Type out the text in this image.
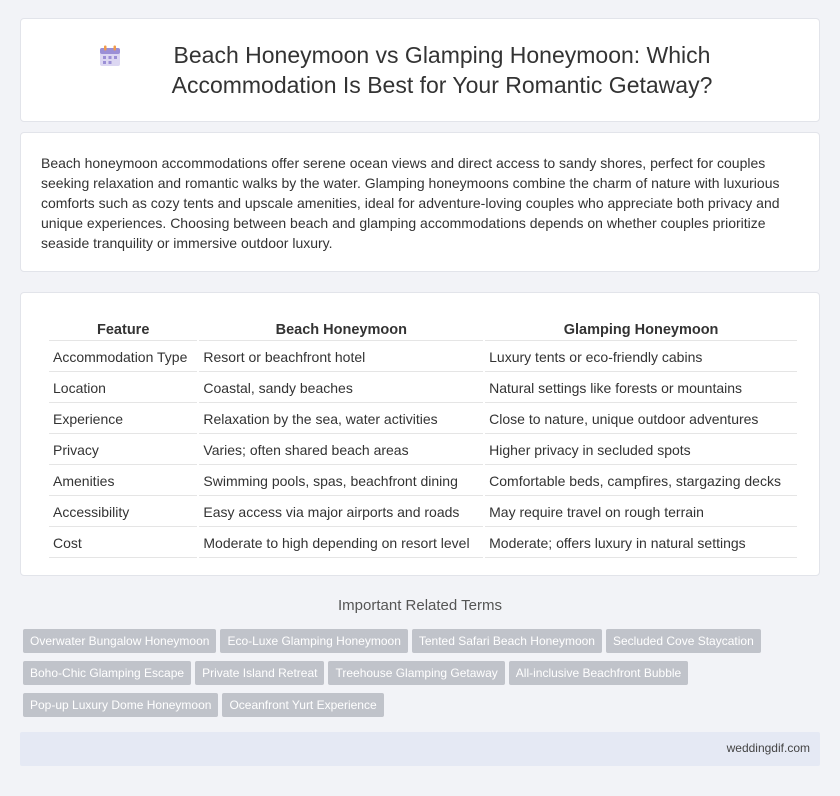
Beach Honeymoon vs Glamping Honeymoon: Which Accommodation Is Best for Your Romantic Getaway?

Beach honeymoon accommodations offer serene ocean views and direct access to sandy shores, perfect for couples seeking relaxation and romantic walks by the water. Glamping honeymoons combine the charm of nature with luxurious comforts such as cozy tents and upscale amenities, ideal for adventure-loving couples who appreciate both privacy and unique experiences. Choosing between beach and glamping accommodations depends on whether couples prioritize seaside tranquility or immersive outdoor luxury.

Feature	Beach Honeymoon	Glamping Honeymoon
Accommodation Type	Resort or beachfront hotel	Luxury tents or eco-friendly cabins
Location	Coastal, sandy beaches	Natural settings like forests or mountains
Experience	Relaxation by the sea, water activities	Close to nature, unique outdoor adventures
Privacy	Varies; often shared beach areas	Higher privacy in secluded spots
Amenities	Swimming pools, spas, beachfront dining	Comfortable beds, campfires, stargazing decks
Accessibility	Easy access via major airports and roads	May require travel on rough terrain
Cost	Moderate to high depending on resort level	Moderate; offers luxury in natural settings
Important Related Terms
Overwater Bungalow Honeymoon Eco-Luxe Glamping Honeymoon Tented Safari Beach Honeymoon Secluded Cove Staycation
Boho-Chic Glamping Escape Private Island Retreat Treehouse Glamping Getaway All-inclusive Beachfront Bubble
Pop-up Luxury Dome Honeymoon Oceanfront Yurt Experience
weddingdif.com
